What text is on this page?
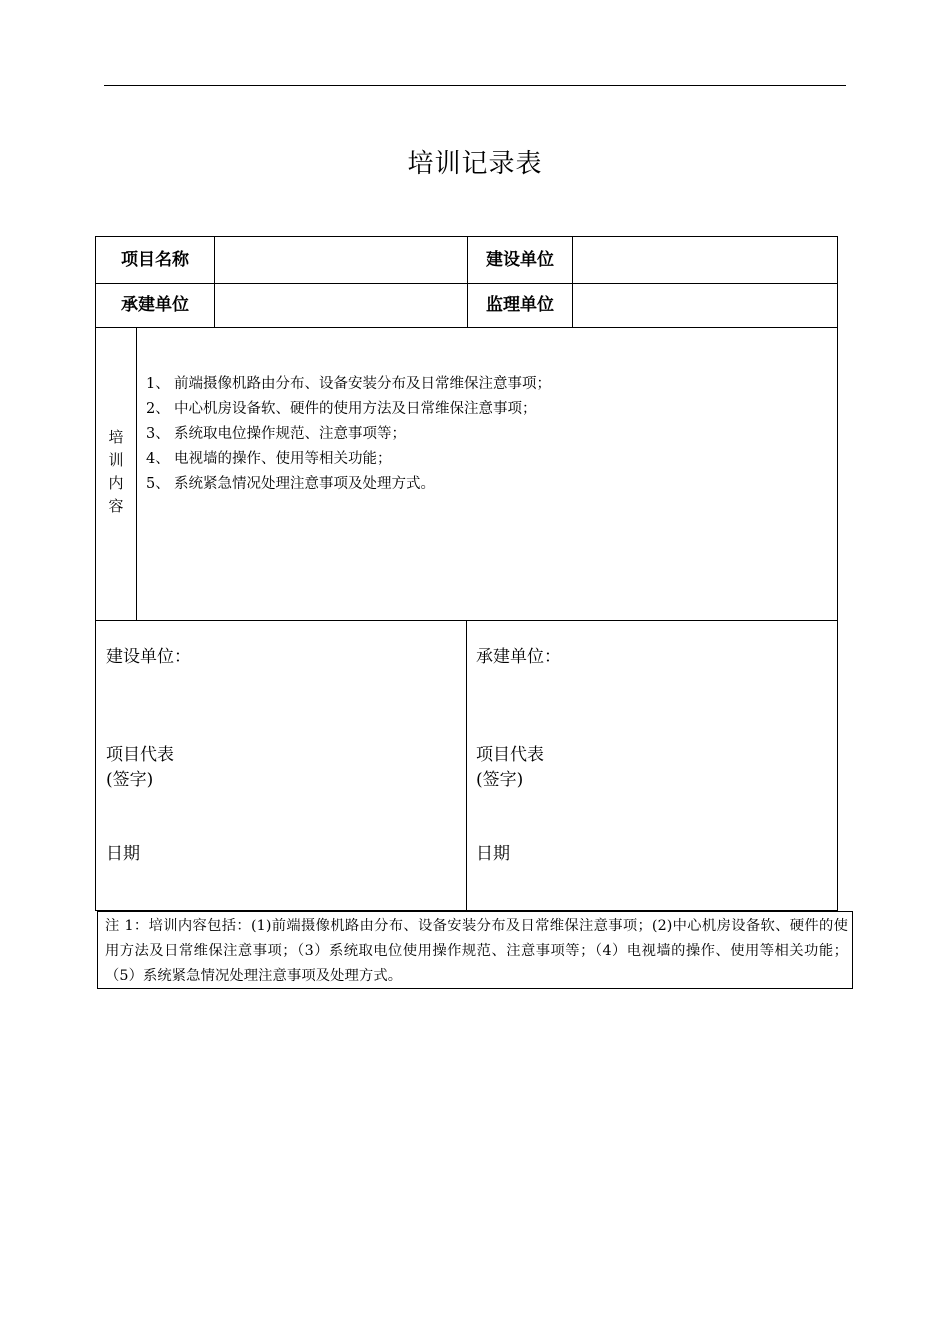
培训记录表
项目名称	建设单位
承建单位	监理单位
培训内容
1、 前端摄像机路由分布、设备安装分布及日常维保注意事项；
2、 中心机房设备软、硬件的使用方法及日常维保注意事项；
3、 系统取电位操作规范、注意事项等；
4、 电视墙的操作、使用等相关功能；
5、 系统紧急情况处理注意事项及处理方式。
建设单位：
项目代表
(签字)
日期
承建单位：
项目代表
(签字)
日期
注 1：培训内容包括：(1)前端摄像机路由分布、设备安装分布及日常维保注意事项；(2)中心机房设备软、硬件的使用方法及日常维保注意事项；（3）系统取电位使用操作规范、注意事项等；（4）电视墙的操作、使用等相关功能；（5）系统紧急情况处理注意事项及处理方式。
